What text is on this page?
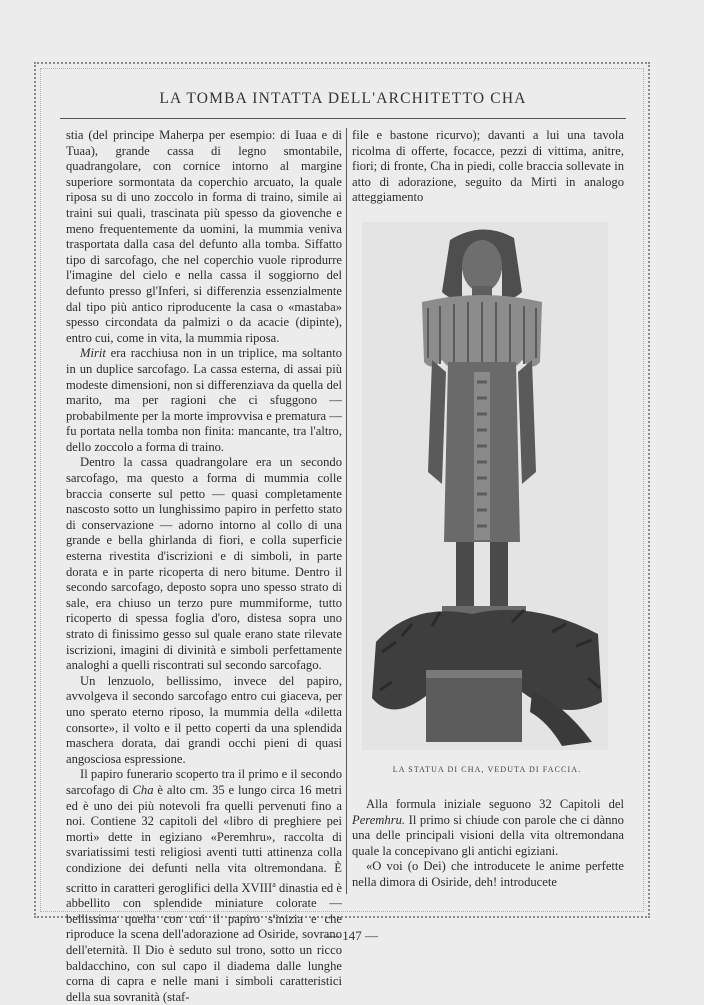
LA TOMBA INTATTA DELL'ARCHITETTO CHA

stia (del principe Maherpa per esempio: di Iuaa e di Tuaa), grande cassa di legno smontabile, quadrangolare, con cornice intorno al margine superiore sormontata da coperchio arcuato, la quale riposa su di uno zoccolo in forma di traino, simile ai traini sui quali, trascinata più spesso da giovenche e meno frequentemente da uomini, la mummia veniva trasportata dalla casa del defunto alla tomba. Siffatto tipo di sarcofago, che nel coperchio vuole riprodurre l'imagine del cielo e nella cassa il soggiorno del defunto presso gl'Inferi, si differenzia essenzialmente dal tipo più antico riproducente la casa o «mastaba» spesso circondata da palmizi o da acacie (dipinte), entro cui, come in vita, la mummia riposa.

Mirit era racchiusa non in un triplice, ma soltanto in un duplice sarcofago. La cassa esterna, di assai più modeste dimensioni, non si differenziava da quella del marito, ma per ragioni che ci sfuggono — probabilmente per la morte improvvisa e prematura — fu portata nella tomba non finita: mancante, tra l'altro, dello zoccolo a forma di traino.

Dentro la cassa quadrangolare era un secondo sarcofago, ma questo a forma di mummia colle braccia conserte sul petto — quasi completamente nascosto sotto un lunghissimo papiro in perfetto stato di conservazione — adorno intorno al collo di una grande e bella ghirlanda di fiori, e colla superficie esterna rivestita d'iscrizioni e di simboli, in parte dorata e in parte ricoperta di nero bitume. Dentro il secondo sarcofago, deposto sopra uno spesso strato di sale, era chiuso un terzo pure mummiforme, tutto ricoperto di spessa foglia d'oro, distesa sopra uno strato di finissimo gesso sul quale erano state rilevate iscrizioni, imagini di divinità e simboli perfettamente analoghi a quelli riscontrati sul secondo sarcofago.

Un lenzuolo, bellissimo, invece del papiro, avvolgeva il secondo sarcofago entro cui giaceva, per uno sperato eterno riposo, la mummia della «diletta consorte», il volto e il petto coperti da una splendida maschera dorata, dai grandi occhi pieni di quasi angosciosa espressione.

Il papiro funerario scoperto tra il primo e il secondo sarcofago di Cha è alto cm. 35 e lungo circa 16 metri ed è uno dei più notevoli fra quelli pervenuti fino a noi. Contiene 32 capitoli del «libro di preghiere pei morti» dette in egiziano «Peremhru», raccolta di svariatissimi testi religiosi aventi tutti attinenza colla condizione dei defunti nella vita oltremondana. È scritto in caratteri geroglifici della XVIII$^a$ dinastia ed è abbellito con splendide miniature colorate — bellissima quella con cui il papiro s'inizia e che riproduce la scena dell'adorazione ad Osiride, sovrano dell'eternità. Il Dio è seduto sul trono, sotto un ricco baldacchino, con sul capo il diadema dalle lunghe corna di capra e nelle mani i simboli caratteristici della sua sovranità (staf-

file e bastone ricurvo); davanti a lui una tavola ricolma di offerte, focacce, pezzi di vittima, anitre, fiori; di fronte, Cha in piedi, colle braccia sollevate in atto di adorazione, seguito da Mirti in analogo atteggiamento

LA STATUA DI CHA, VEDUTA DI FACCIA.

Alla formula iniziale seguono 32 Capitoli del Peremhru. Il primo si chiude con parole che ci dànno una delle principali visioni della vita oltremondana quale la concepivano gli antichi egiziani.

«O voi (o Dei) che introducete le anime perfette nella dimora di Osiride, deh! introducete

— 147 —
